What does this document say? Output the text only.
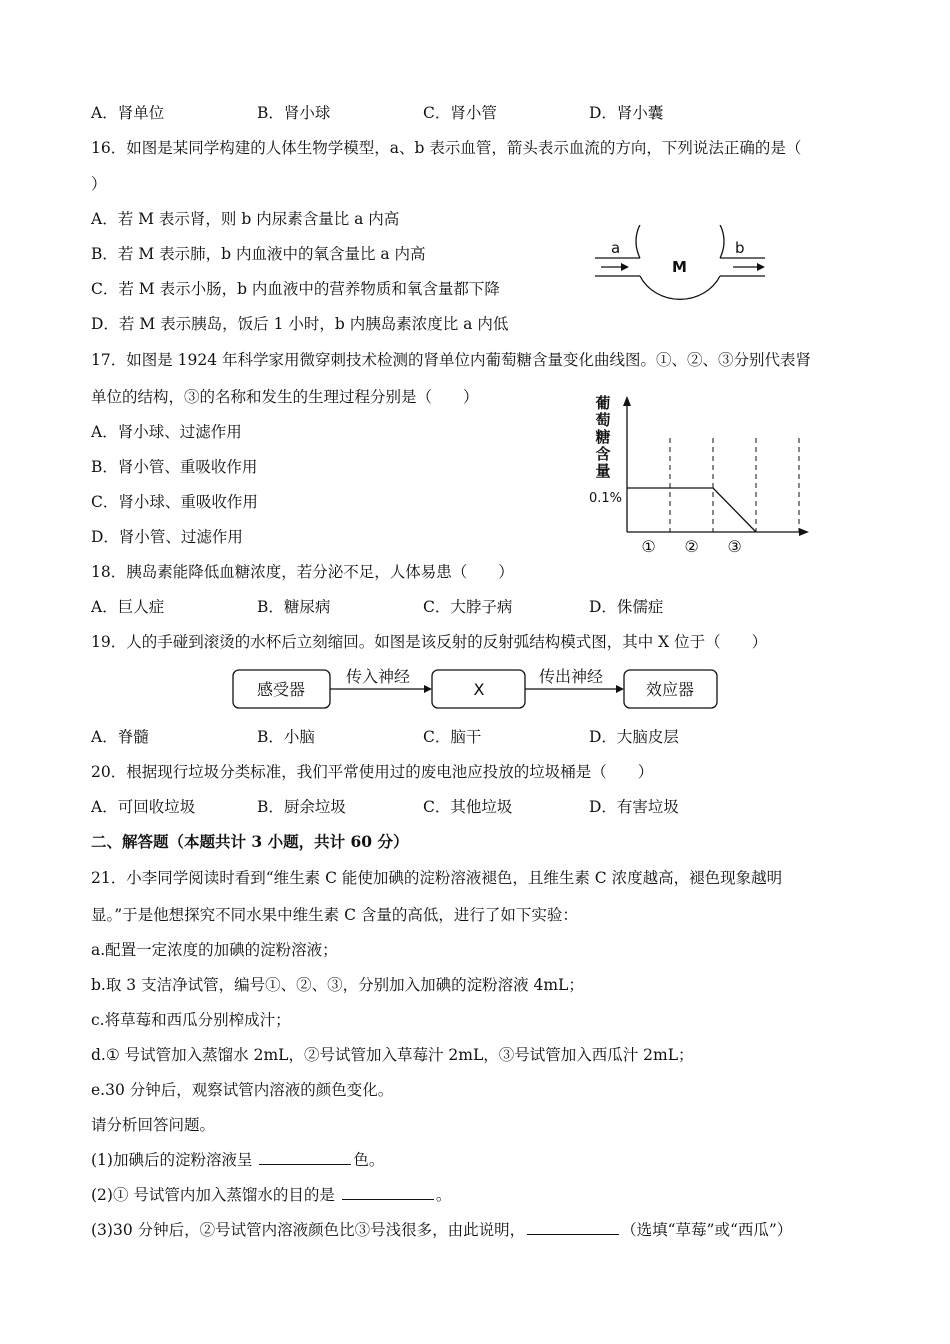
A．肾单位	B．肾小球	C．肾小管	D．肾小囊
16．如图是某同学构建的人体生物学模型，a、b 表示血管，箭头表示血流的方向，下列说法正确的是（
）
A．若 M 表示肾，则 b 内尿素含量比 a 内高
B．若 M 表示肺，b 内血液中的氧含量比 a 内高
C．若 M 表示小肠，b 内血液中的营养物质和氧含量都下降
D．若 M 表示胰岛，饭后 1 小时，b 内胰岛素浓度比 a 内低
a	b
M
17．如图是 1924 年科学家用微穿刺技术检测的肾单位内葡萄糖含量变化曲线图。①、②、③分别代表肾
单位的结构，③的名称和发生的生理过程分别是（　　）
A．肾小球、过滤作用
B．肾小管、重吸收作用
C．肾小球、重吸收作用
D．肾小管、过滤作用
葡
萄
糖
含
量
0.1%
① ② ③
18．胰岛素能降低血糖浓度，若分泌不足，人体易患（　　）
A．巨人症	B．糖尿病	C．大脖子病	D．侏儒症
19．人的手碰到滚烫的水杯后立刻缩回。如图是该反射的反射弧结构模式图，其中 X 位于（　　）
感受器
传入神经
X
传出神经
效应器
A．脊髓	B．小脑	C．脑干	D．大脑皮层
20．根据现行垃圾分类标准，我们平常使用过的废电池应投放的垃圾桶是（　　）
A．可回收垃圾	B．厨余垃圾	C．其他垃圾	D．有害垃圾
二、解答题（本题共计 3 小题，共计 60 分）
21．小李同学阅读时看到“维生素 C 能使加碘的淀粉溶液褪色，且维生素 C 浓度越高，褪色现象越明
显。”于是他想探究不同水果中维生素 C 含量的高低，进行了如下实验：
a.配置一定浓度的加碘的淀粉溶液；
b.取 3 支洁净试管，编号①、②、③，分别加入加碘的淀粉溶液 4mL；
c.将草莓和西瓜分别榨成汁；
d.① 号试管加入蒸馏水 2mL，②号试管加入草莓汁 2mL，③号试管加入西瓜汁 2mL；
e.30 分钟后，观察试管内溶液的颜色变化。
请分析回答问题。
(1)加碘后的淀粉溶液呈	色。
(2)① 号试管内加入蒸馏水的目的是	。
(3)30 分钟后，②号试管内溶液颜色比③号浅很多，由此说明，	（选填“草莓”或“西瓜”）
